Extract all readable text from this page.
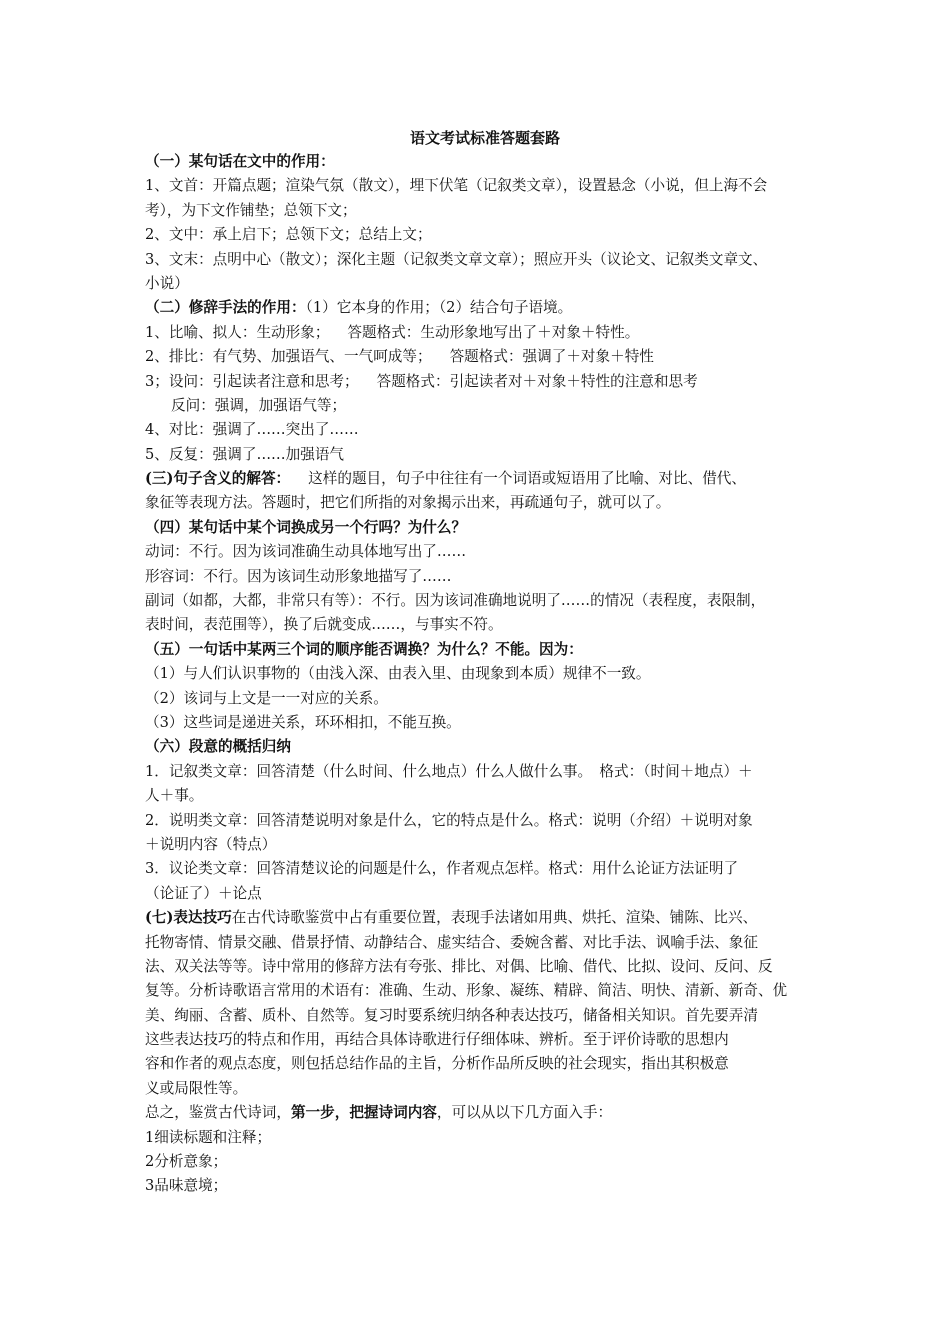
语文考试标准答题套路
（一）某句话在文中的作用：
1、文首：开篇点题；渲染气氛（散文），埋下伏笔（记叙类文章），设置悬念（小说，但上海不会
考），为下文作铺垫；总领下文；
2、文中：承上启下；总领下文；总结上文；
3、文末：点明中心（散文）；深化主题（记叙类文章文章）；照应开头（议论文、记叙类文章文、
小说）
（二）修辞手法的作用：（1）它本身的作用；（2）结合句子语境。
1、比喻、拟人：生动形象； 答题格式：生动形象地写出了＋对象＋特性。
2、排比：有气势、加强语气、一气呵成等； 答题格式：强调了＋对象＋特性
3；设问：引起读者注意和思考； 答题格式：引起读者对＋对象＋特性的注意和思考
反问：强调，加强语气等；
4、对比：强调了……突出了……
5、反复：强调了……加强语气
(三)句子含义的解答： 这样的题目，句子中往往有一个词语或短语用了比喻、对比、借代、
象征等表现方法。答题时，把它们所指的对象揭示出来，再疏通句子，就可以了。
（四）某句话中某个词换成另一个行吗？为什么？
动词：不行。因为该词准确生动具体地写出了……
形容词：不行。因为该词生动形象地描写了……
副词（如都，大都，非常只有等）：不行。因为该词准确地说明了……的情况（表程度，表限制，
表时间，表范围等），换了后就变成……，与事实不符。
（五）一句话中某两三个词的顺序能否调换？为什么？不能。因为：
（1）与人们认识事物的（由浅入深、由表入里、由现象到本质）规律不一致。
（2）该词与上文是一一对应的关系。
（3）这些词是递进关系，环环相扣，不能互换。
（六）段意的概括归纳
1．记叙类文章：回答清楚（什么时间、什么地点）什么人做什么事。　格式：（时间＋地点）＋
人＋事。
2．说明类文章：回答清楚说明对象是什么，它的特点是什么。格式：说明（介绍）＋说明对象
＋说明内容（特点）
3．议论类文章：回答清楚议论的问题是什么，作者观点怎样。格式：用什么论证方法证明了
（论证了）＋论点
(七)表达技巧在古代诗歌鉴赏中占有重要位置，表现手法诸如用典、烘托、渲染、铺陈、比兴、
托物寄情、情景交融、借景抒情、动静结合、虚实结合、委婉含蓄、对比手法、讽喻手法、象征
法、双关法等等。诗中常用的修辞方法有夸张、排比、对偶、比喻、借代、比拟、设问、反问、反
复等。分析诗歌语言常用的术语有：准确、生动、形象、凝练、精辟、简洁、明快、清新、新奇、优
美、绚丽、含蓄、质朴、自然等。复习时要系统归纳各种表达技巧，储备相关知识。首先要弄清
这些表达技巧的特点和作用，再结合具体诗歌进行仔细体味、辨析。至于评价诗歌的思想内
容和作者的观点态度，则包括总结作品的主旨，分析作品所反映的社会现实，指出其积极意
义或局限性等。
总之，鉴赏古代诗词，第一步，把握诗词内容，可以从以下几方面入手：
1细读标题和注释；
2分析意象；
3品味意境；
